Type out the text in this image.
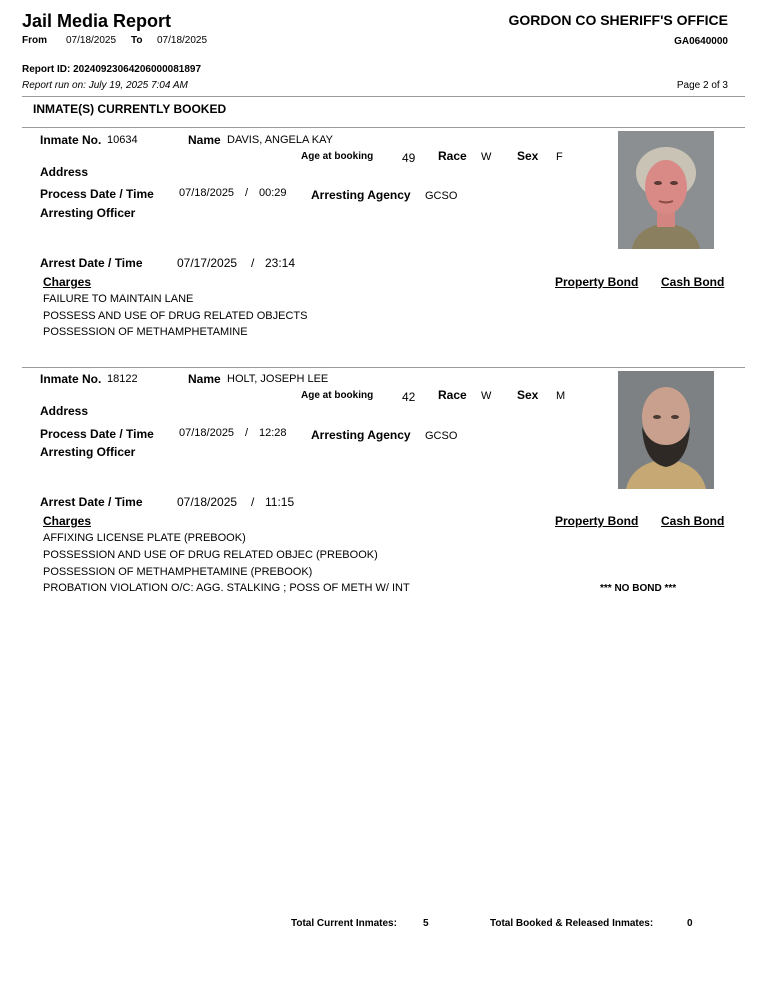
Jail Media Report	GORDON CO SHERIFF'S OFFICE
From 07/18/2025 To 07/18/2025	GA0640000
Report ID: 20240923064206000081897
Report run on: July 19, 2025 7:04 AM	Page 2 of 3
INMATE(S) CURRENTLY BOOKED
Inmate No. 10634	Name DAVIS, ANGELA KAY
Age at booking 49 Race W Sex F
Address
Process Date / Time 07/18/2025 / 00:29 Arresting Agency GCSO
Arresting Officer
Arrest Date / Time	07/17/2025 / 23:14
Charges	Property Bond Cash Bond
FAILURE TO MAINTAIN LANE
POSSESS AND USE OF DRUG RELATED OBJECTS
POSSESSION OF METHAMPHETAMINE
Inmate No. 18122	Name HOLT, JOSEPH LEE
Age at booking 42 Race W Sex M
Address
Process Date / Time 07/18/2025 / 12:28 Arresting Agency GCSO
Arresting Officer
Arrest Date / Time	07/18/2025 / 11:15
Charges	Property Bond Cash Bond
AFFIXING LICENSE PLATE (PREBOOK)
POSSESSION AND USE OF DRUG RELATED OBJEC (PREBOOK)
POSSESSION OF METHAMPHETAMINE (PREBOOK)
PROBATION VIOLATION O/C: AGG. STALKING ; POSS OF METH W/ INT	*** NO BOND ***
Total Current Inmates:	5	Total Booked & Released Inmates:	0
